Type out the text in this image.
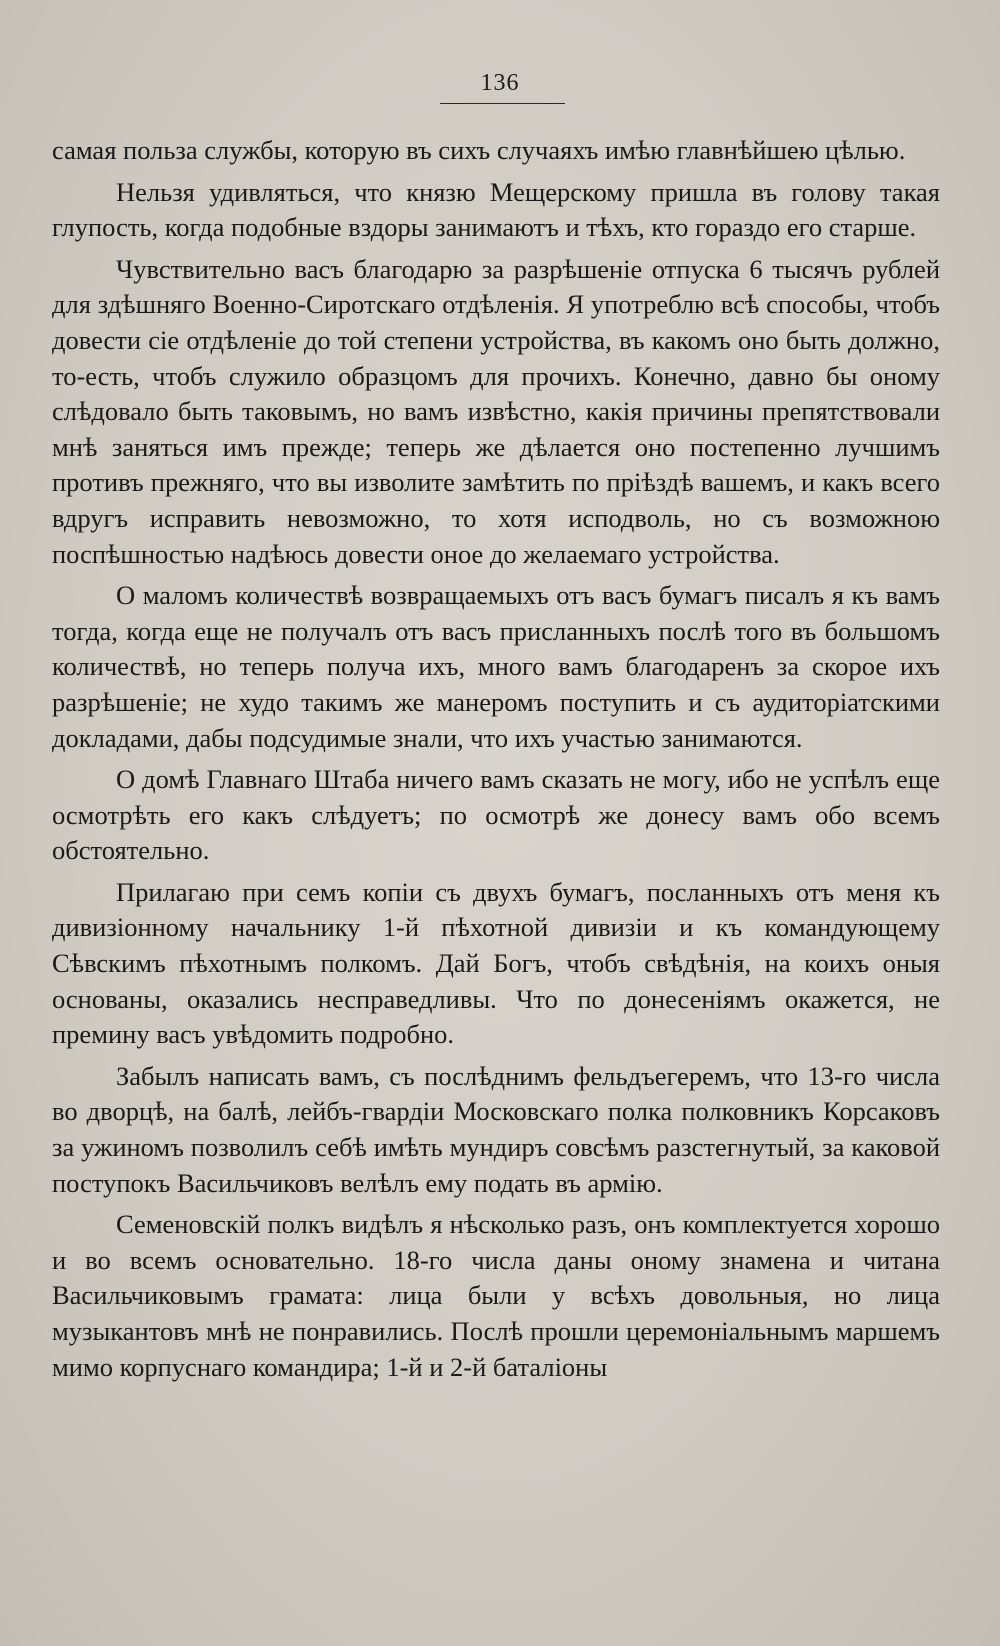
136

самая польза службы, которую въ сихъ случаяхъ имѣю главнѣйшею цѣлью.

Нельзя удивляться, что князю Мещерскому пришла въ голову такая глупость, когда подобные вздоры занимаютъ и тѣхъ, кто гораздо его старше.

Чувствительно васъ благодарю за разрѣшеніе отпуска 6 тысячъ рублей для здѣшняго Военно-Сиротскаго отдѣленія. Я употреблю всѣ способы, чтобъ довести сіе отдѣленіе до той степени устройства, въ какомъ оно быть должно, то-есть, чтобъ служило образцомъ для прочихъ. Конечно, давно бы оному слѣдовало быть таковымъ, но вамъ извѣстно, какія причины препятствовали мнѣ заняться имъ прежде; теперь же дѣлается оно постепенно лучшимъ противъ прежняго, что вы изволите замѣтить по пріѣздѣ вашемъ, и какъ всего вдругъ исправить невозможно, то хотя исподволь, но съ возможною поспѣшностью надѣюсь довести оное до желаемаго устройства.

О маломъ количествѣ возвращаемыхъ отъ васъ бумагъ писалъ я къ вамъ тогда, когда еще не получалъ отъ васъ присланныхъ послѣ того въ большомъ количествѣ, но теперь получа ихъ, много вамъ благодаренъ за скорое ихъ разрѣшеніе; не худо такимъ же манеромъ поступить и съ аудиторіатскими докладами, дабы подсудимые знали, что ихъ участью занимаются.

О домѣ Главнаго Штаба ничего вамъ сказать не могу, ибо не успѣлъ еще осмотрѣть его какъ слѣдуетъ; по осмотрѣ же донесу вамъ обо всемъ обстоятельно.

Прилагаю при семъ копіи съ двухъ бумагъ, посланныхъ отъ меня къ дивизіонному начальнику 1-й пѣхотной дивизіи и къ командующему Сѣвскимъ пѣхотнымъ полкомъ. Дай Богъ, чтобъ свѣдѣнія, на коихъ оныя основаны, оказались несправедливы. Что по донесеніямъ окажется, не премину васъ увѣдомить подробно.

Забылъ написать вамъ, съ послѣднимъ фельдъегеремъ, что 13-го числа во дворцѣ, на балѣ, лейбъ-гвардіи Московскаго полка полковникъ Корсаковъ за ужиномъ позволилъ себѣ имѣть мундиръ совсѣмъ разстегнутый, за каковой поступокъ Васильчиковъ велѣлъ ему подать въ армію.

Семеновскій полкъ видѣлъ я нѣсколько разъ, онъ комплектуется хорошо и во всемъ основательно. 18-го числа даны оному знамена и читана Васильчиковымъ грамата: лица были у всѣхъ довольныя, но лица музыкантовъ мнѣ не понравились. Послѣ прошли церемоніальнымъ маршемъ мимо корпуснаго командира; 1-й и 2-й баталіоны
